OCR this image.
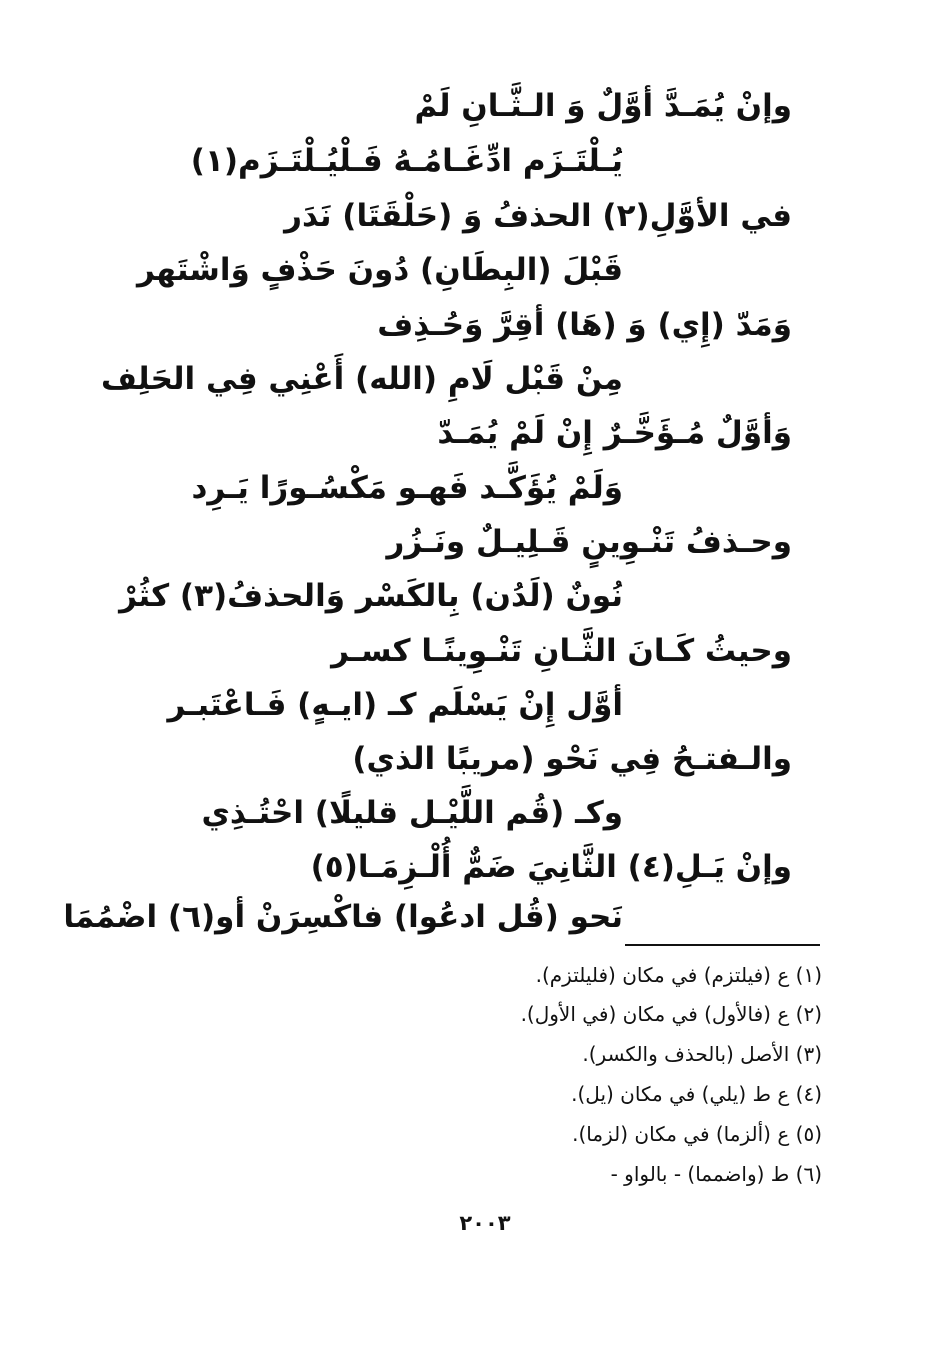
وإنْ يُمَـدَّ أوَّلٌ وَ الـثَّـانِ لَمْ
يُـلْتَـزَم ادِّغَـامُـهُ فَـلْيُـلْتَـزَم(١)
في الأوَّلِ(٢) الحذفُ وَ (حَلْقَتَا) نَدَر
قَبْلَ (البِطَانِ) دُونَ حَذْفٍ وَاشْتَهر
وَمَدّ (إِي) وَ (هَا) أقِرَّ وَحُـذِف
مِنْ قَبْل لَامِ (الله) أَعْنِي فِي الحَلِف
وَأوَّلٌ مُـؤَخَّـرٌ إِنْ لَمْ يُمَـدّ
وَلَمْ يُؤَكَّـد فَهـو مَكْسُـورًا يَـرِد
وحـذفُ تَنْـوِينٍ قَـلِيـلٌ ونَـزُر
نُونٌ (لَدُن) بِالكَسْر وَالحذفُ(٣) كثُرْ
وحيثُ كَـانَ الثَّـانِ تَنْـوِينًـا كسـر
أوَّل إِنْ يَسْلَم كـ (ايـهٍ) فَـاعْتَبـر
والـفتـحُ فِي نَحْو (مريبًا الذي)
وكـ (قُم اللَّيْـل قليلًا) احْتُـذِي
وإنْ يَـلِ(٤) الثَّانِيَ ضَمٌّ أُلْـزِمَـا(٥)
نَحو (قُل ادعُوا) فاكْسِرَنْ أو(٦) اضْمُمَا
(١) ع (فيلتزم) في مكان (فليلتزم).
(٢) ع (فالأول) في مكان (في الأول).
(٣) الأصل (بالحذف والكسر).
(٤) ع ط (يلي) في مكان (يل).
(٥) ع (ألزما) في مكان (لزما).
(٦) ط (واضمما) - بالواو -
٢٠٠٣
